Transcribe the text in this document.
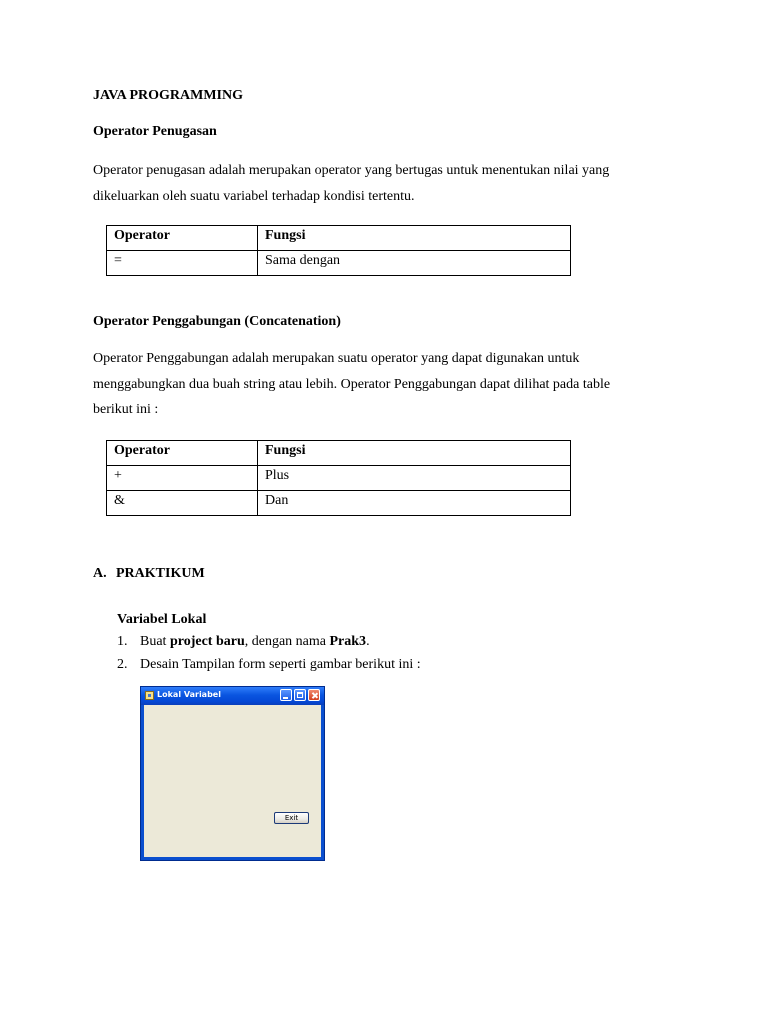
JAVA PROGRAMMING
Operator Penugasan
Operator penugasan adalah merupakan operator yang bertugas untuk menentukan nilai yang
dikeluarkan oleh suatu variabel terhadap kondisi tertentu.
Operator	Fungsi
=	Sama dengan
Operator Penggabungan (Concatenation)
Operator Penggabungan adalah merupakan suatu operator yang dapat digunakan untuk
menggabungkan dua buah string atau lebih. Operator Penggabungan dapat dilihat pada table
berikut ini :
Operator	Fungsi
+	Plus
&	Dan
A. PRAKTIKUM
Variabel Lokal
1. Buat project baru, dengan nama Prak3.
2. Desain Tampilan form seperti gambar berikut ini :
Lokal Variabel
Exit
